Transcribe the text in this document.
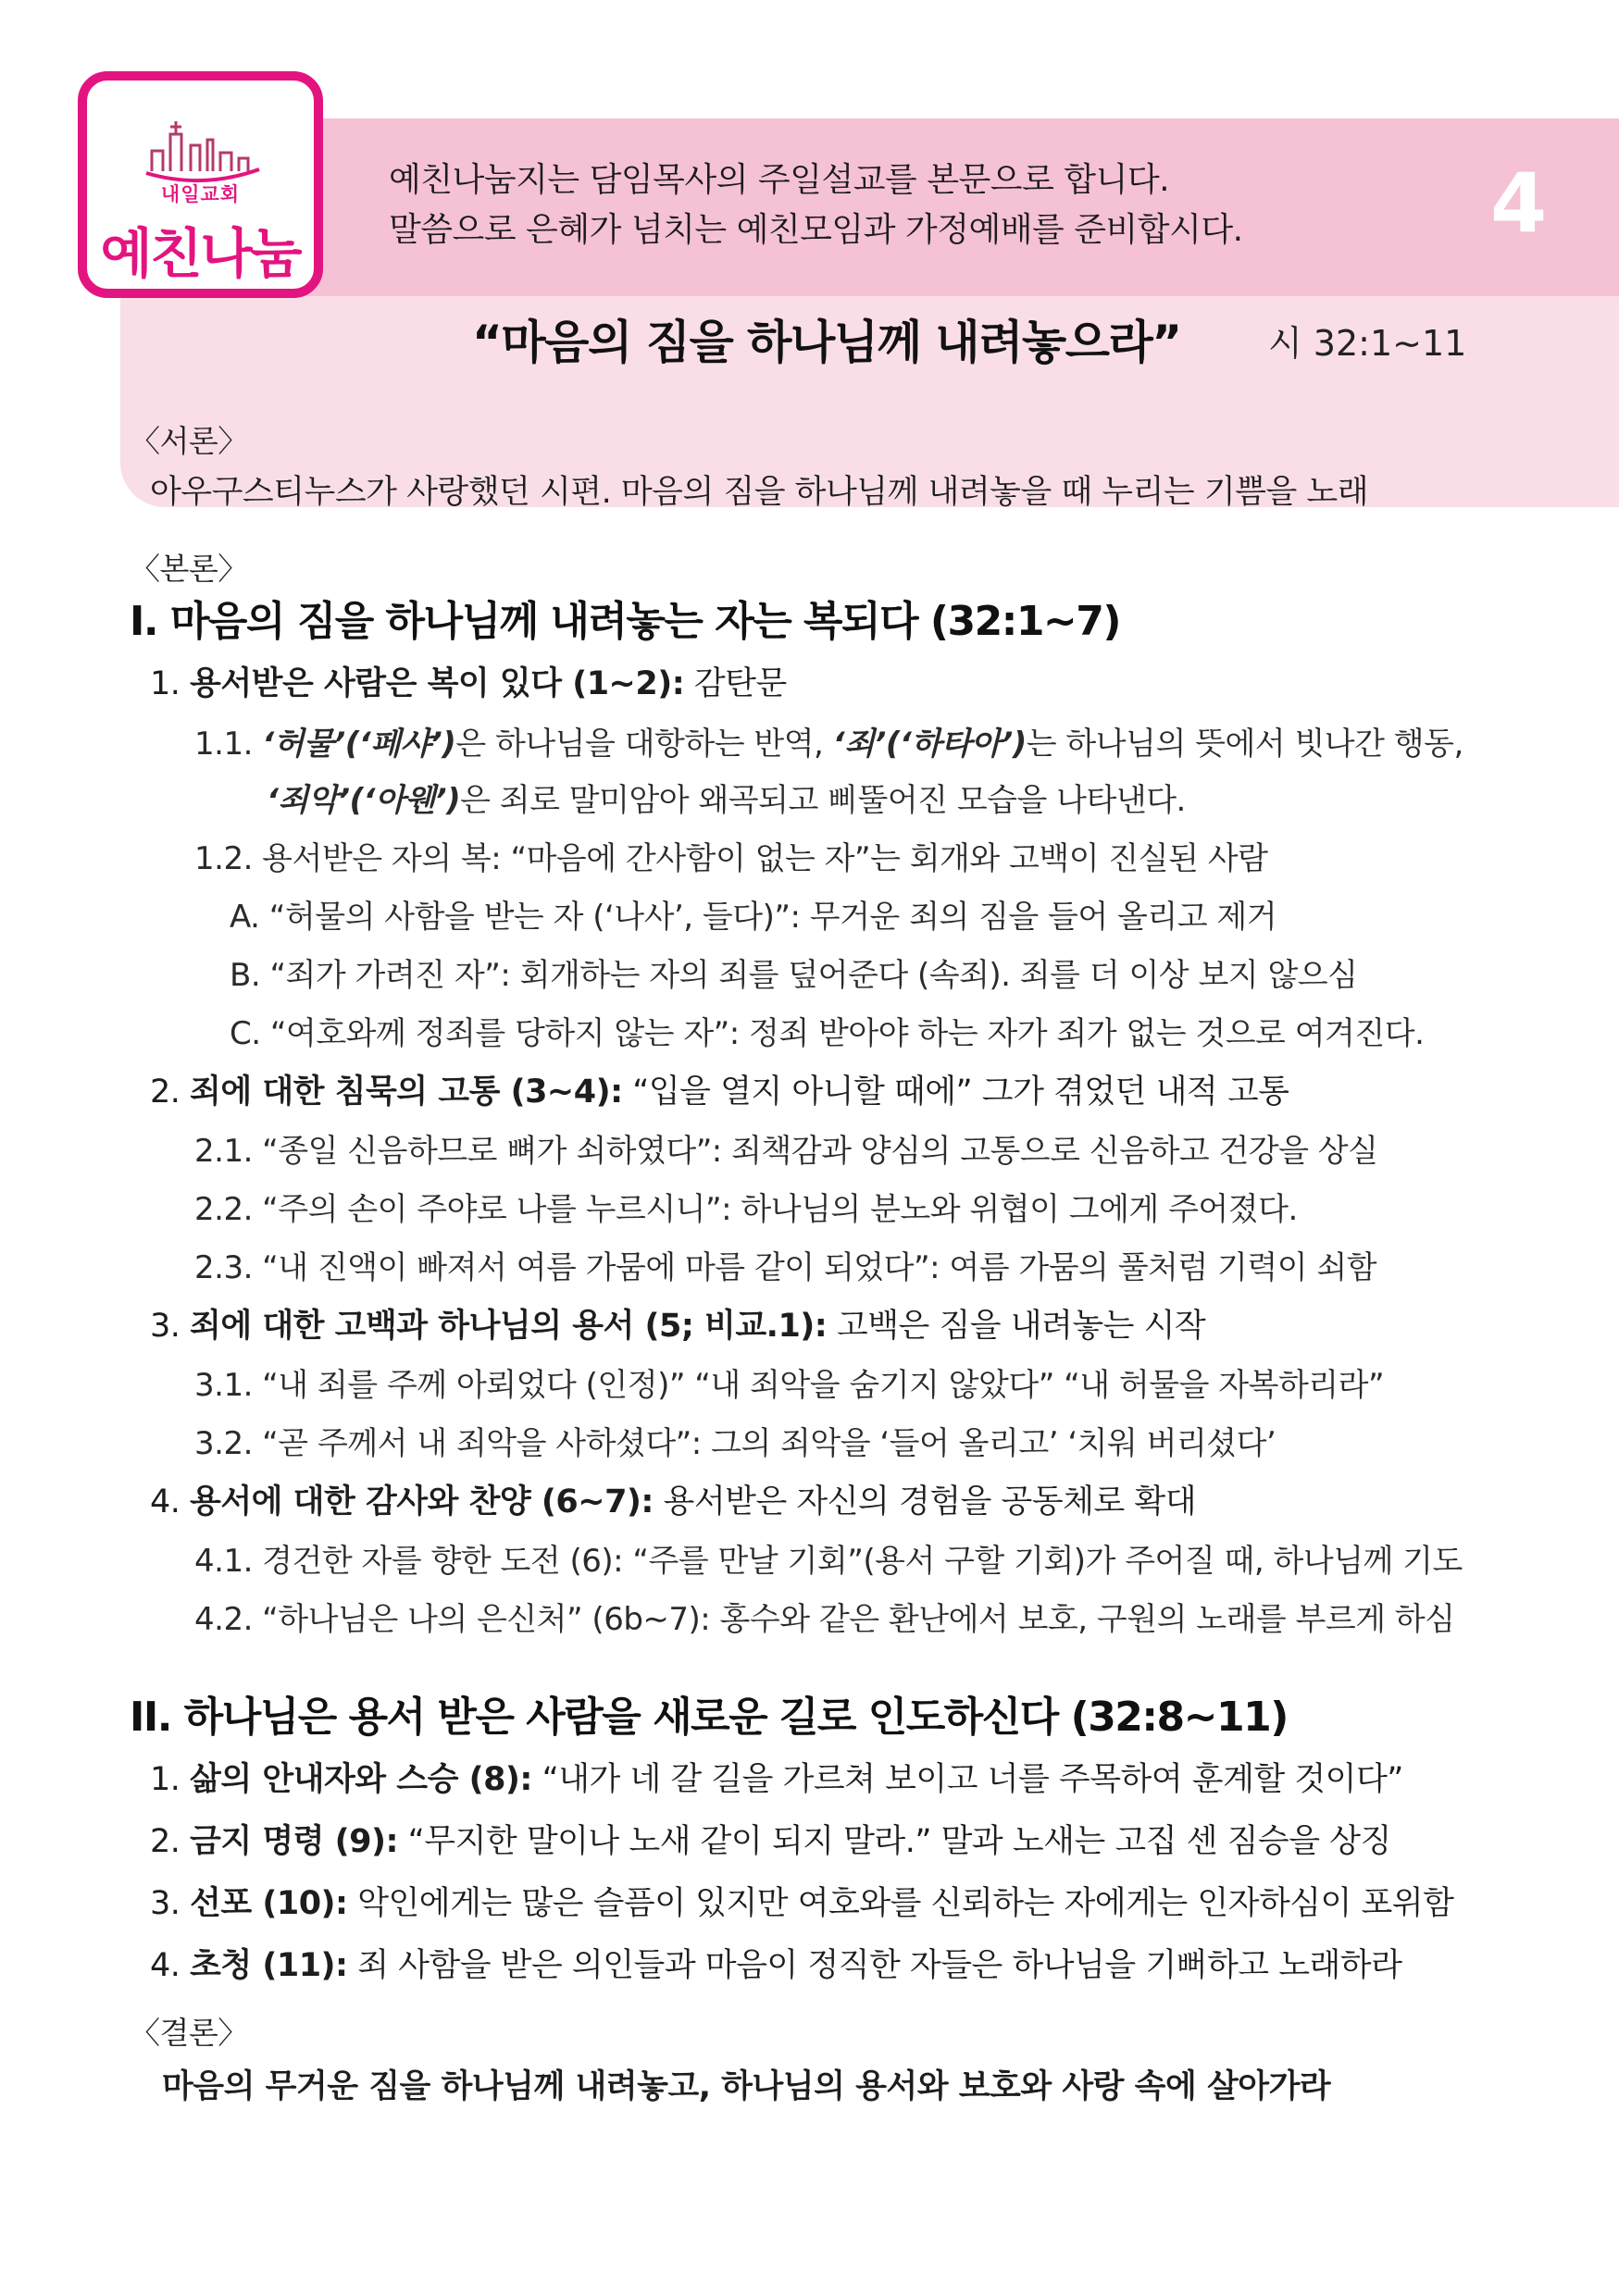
내일교회
예친나눔
예친나눔지는 담임목사의 주일설교를 본문으로 합니다.
말씀으로 은혜가 넘치는 예친모임과 가정예배를 준비합시다.	4
“마음의 짐을 하나님께 내려놓으라” 시 32:1∼11
〈서론〉
아우구스티누스가 사랑했던 시편. 마음의 짐을 하나님께 내려놓을 때 누리는 기쁨을 노래
〈본론〉
I. 마음의 짐을 하나님께 내려놓는 자는 복되다 (32:1~7)
1. 용서받은 사람은 복이 있다 (1∼2): 감탄문
1.1. ‘허물’(‘페샤’)은 하나님을 대항하는 반역, ‘죄’(‘하타아’)는 하나님의 뜻에서 빗나간 행동,
‘죄악’(‘아웬’)은 죄로 말미암아 왜곡되고 삐뚤어진 모습을 나타낸다.
1.2. 용서받은 자의 복: “마음에 간사함이 없는 자”는 회개와 고백이 진실된 사람
A. “허물의 사함을 받는 자 (‘나사’, 들다)”: 무거운 죄의 짐을 들어 올리고 제거
B. “죄가 가려진 자”: 회개하는 자의 죄를 덮어준다 (속죄). 죄를 더 이상 보지 않으심
C. “여호와께 정죄를 당하지 않는 자”: 정죄 받아야 하는 자가 죄가 없는 것으로 여겨진다.
2. 죄에 대한 침묵의 고통 (3∼4): “입을 열지 아니할 때에” 그가 겪었던 내적 고통
2.1. “종일 신음하므로 뼈가 쇠하였다”: 죄책감과 양심의 고통으로 신음하고 건강을 상실
2.2. “주의 손이 주야로 나를 누르시니”: 하나님의 분노와 위협이 그에게 주어졌다.
2.3. “내 진액이 빠져서 여름 가뭄에 마름 같이 되었다”: 여름 가뭄의 풀처럼 기력이 쇠함
3. 죄에 대한 고백과 하나님의 용서 (5; 비교.1): 고백은 짐을 내려놓는 시작
3.1. “내 죄를 주께 아뢰었다 (인정)” “내 죄악을 숨기지 않았다” “내 허물을 자복하리라”
3.2. “곧 주께서 내 죄악을 사하셨다”: 그의 죄악을 ‘들어 올리고’ ‘치워 버리셨다’
4. 용서에 대한 감사와 찬양 (6∼7): 용서받은 자신의 경험을 공동체로 확대
4.1. 경건한 자를 향한 도전 (6): “주를 만날 기회”(용서 구할 기회)가 주어질 때, 하나님께 기도
4.2. “하나님은 나의 은신처” (6b∼7): 홍수와 같은 환난에서 보호, 구원의 노래를 부르게 하심
II. 하나님은 용서 받은 사람을 새로운 길로 인도하신다 (32:8~11)
1. 삶의 안내자와 스승 (8): “내가 네 갈 길을 가르쳐 보이고 너를 주목하여 훈계할 것이다”
2. 금지 명령 (9): “무지한 말이나 노새 같이 되지 말라.” 말과 노새는 고집 센 짐승을 상징
3. 선포 (10): 악인에게는 많은 슬픔이 있지만 여호와를 신뢰하는 자에게는 인자하심이 포위함
4. 초청 (11): 죄 사함을 받은 의인들과 마음이 정직한 자들은 하나님을 기뻐하고 노래하라
〈결론〉
마음의 무거운 짐을 하나님께 내려놓고, 하나님의 용서와 보호와 사랑 속에 살아가라
